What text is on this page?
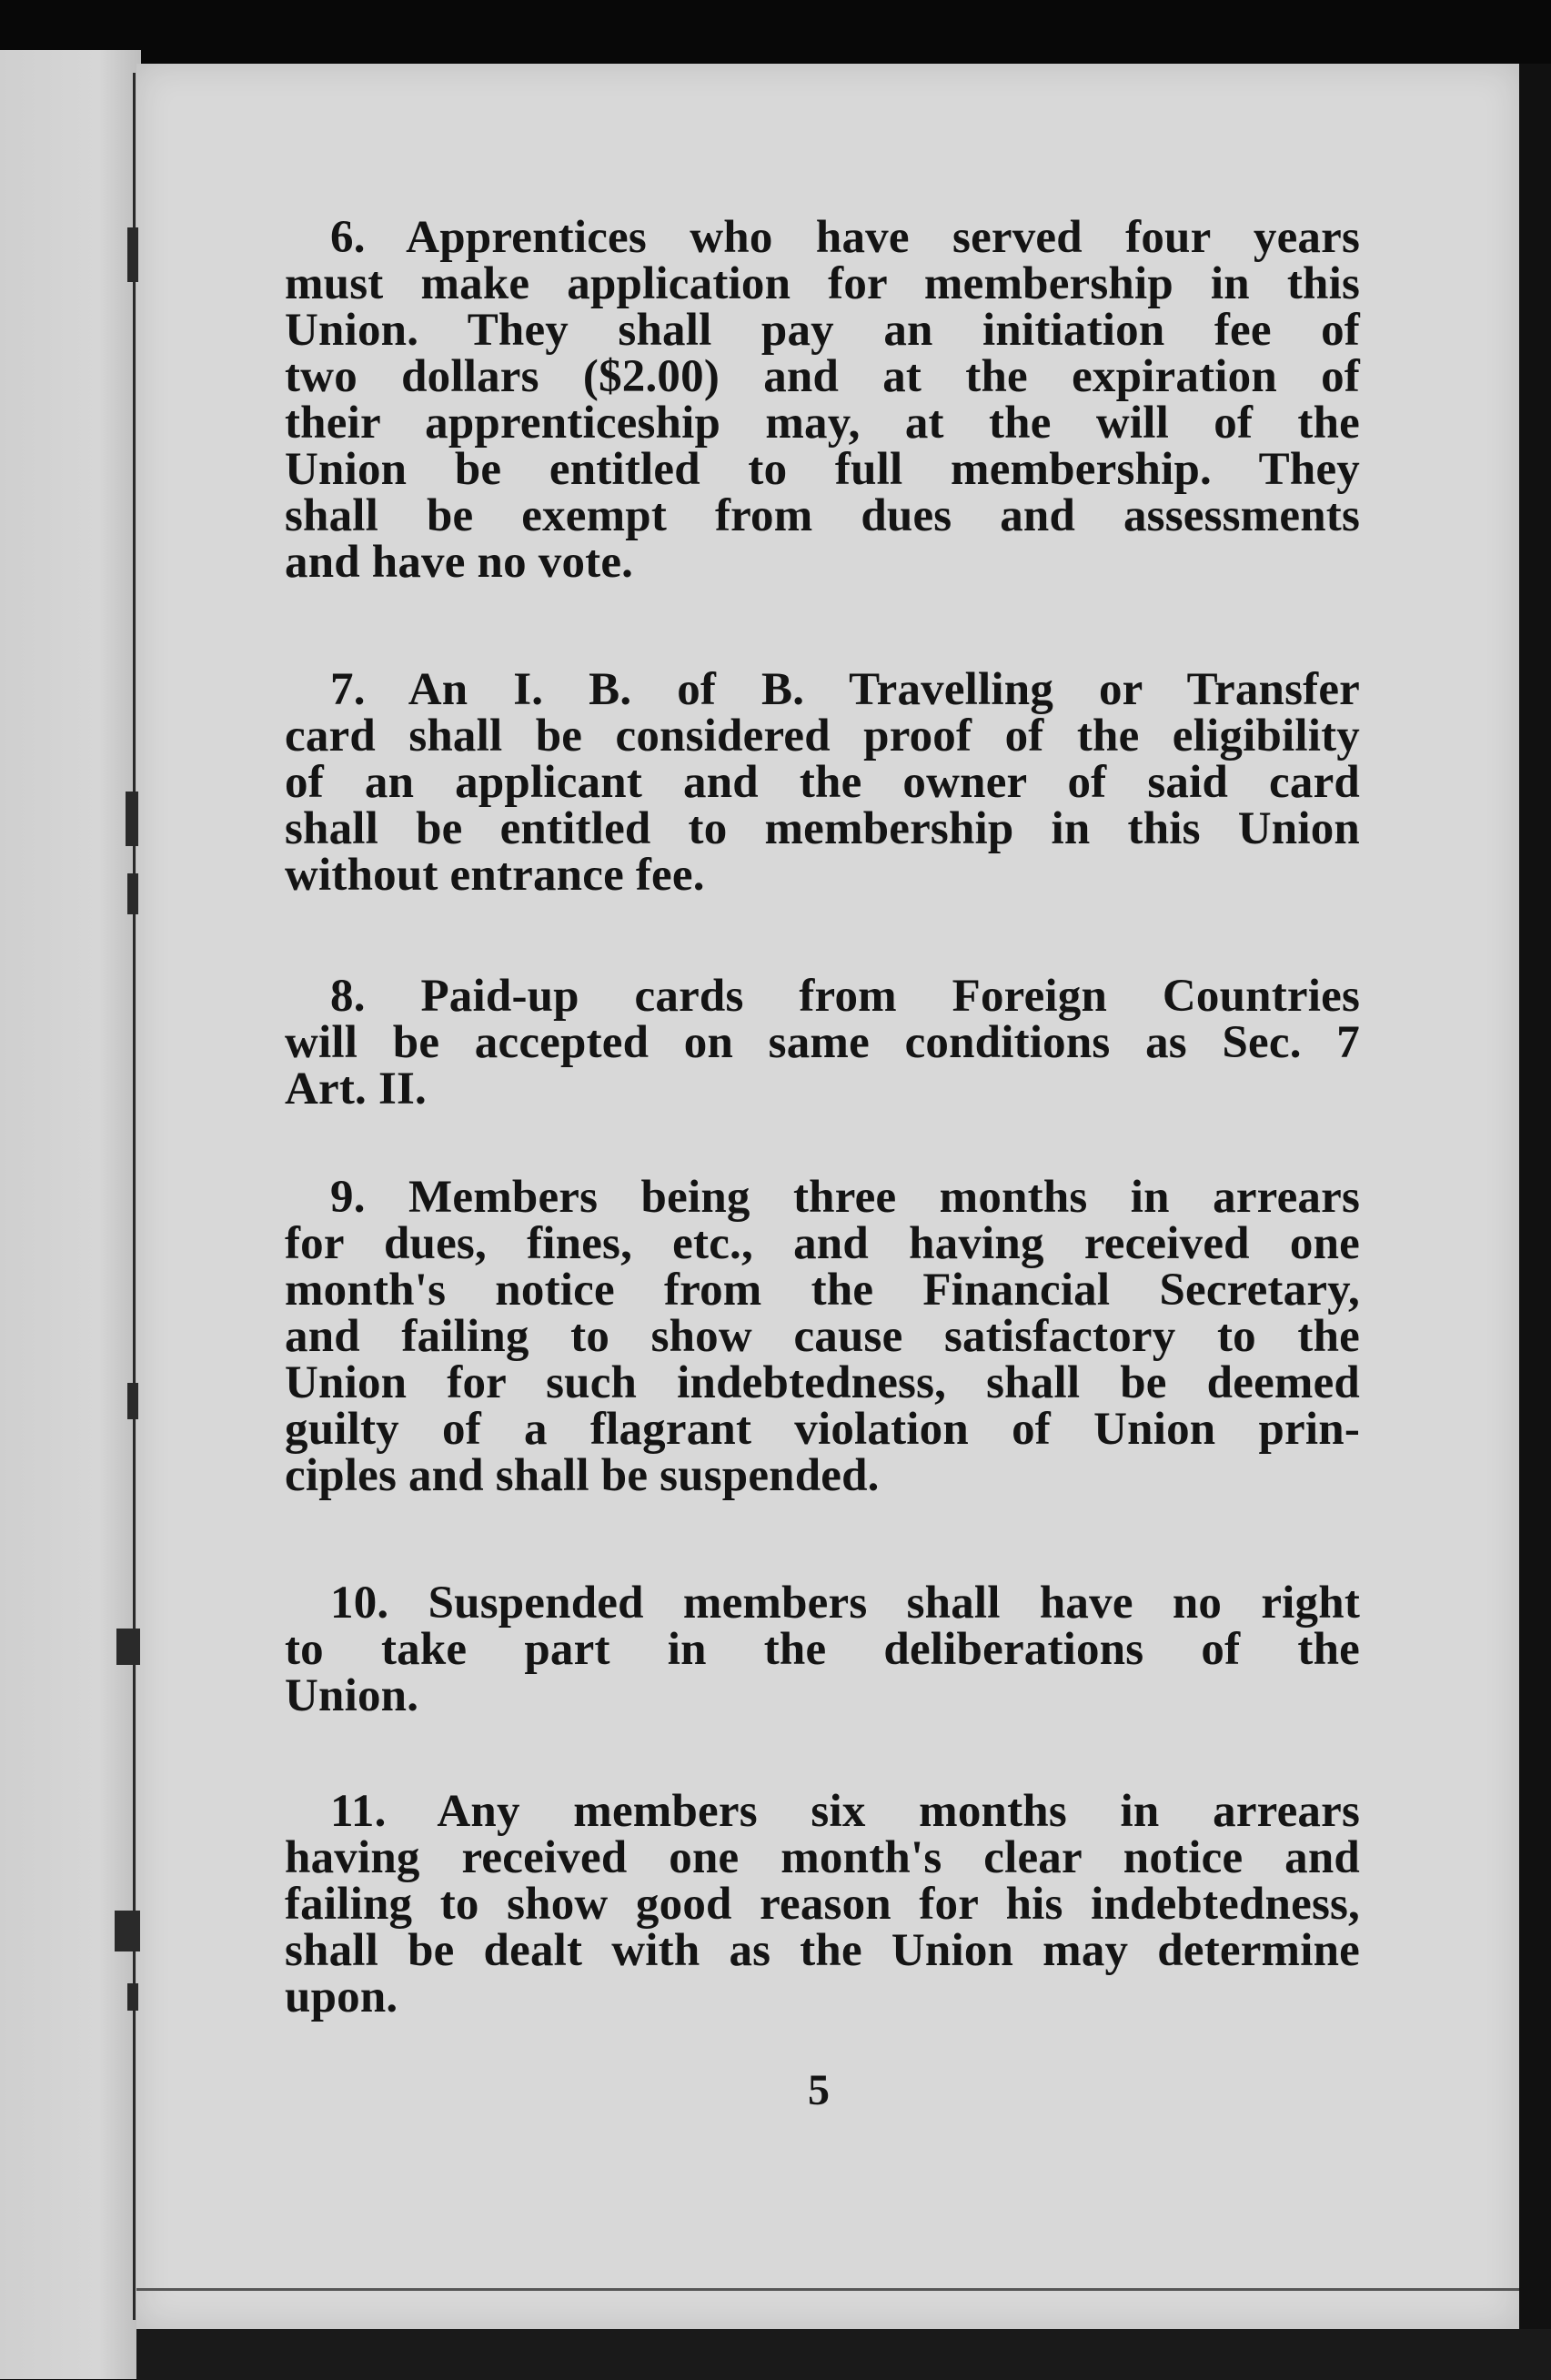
6. Apprentices who have served four years
must make application for membership in this
Union. They shall pay an initiation fee of
two dollars ($2.00) and at the expiration of
their apprenticeship may, at the will of the
Union be entitled to full membership. They
shall be exempt from dues and assessments
and have no vote.
7. An I. B. of B. Travelling or Transfer
card shall be considered proof of the eligibility
of an applicant and the owner of said card
shall be entitled to membership in this Union
without entrance fee.
8. Paid-up cards from Foreign Countries
will be accepted on same conditions as Sec. 7
Art. II.
9. Members being three months in arrears
for dues, fines, etc., and having received one
month's notice from the Financial Secretary,
and failing to show cause satisfactory to the
Union for such indebtedness, shall be deemed
guilty of a flagrant violation of Union prin-
ciples and shall be suspended.
10. Suspended members shall have no right
to take part in the deliberations of the
Union.
11. Any members six months in arrears
having received one month's clear notice and
failing to show good reason for his indebtedness,
shall be dealt with as the Union may determine
upon.
5
